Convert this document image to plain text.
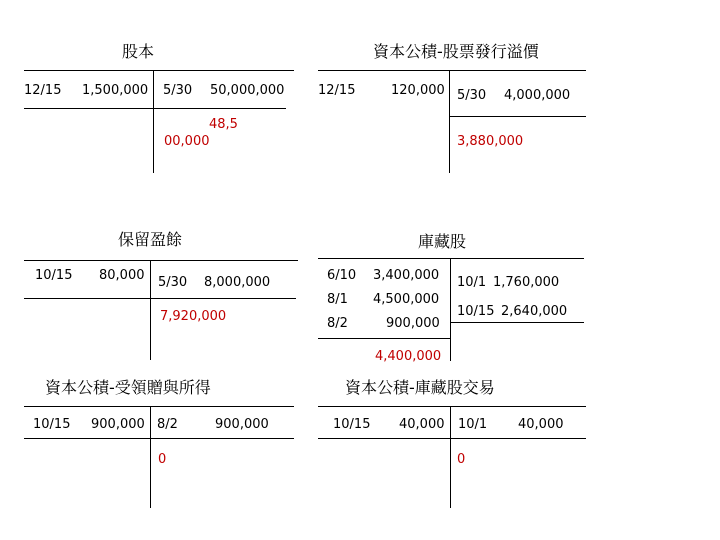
股本
12/15 1,500,000 5/30 50,000,000
48,5
00,000
資本公積-股票發行溢價
12/15	120,000 5/30 4,000,000
3,880,000
保留盈餘
10/15 80,000 5/30 8,000,000
7,920,000
庫藏股
6/10 3,400,000
8/1 4,500,000
8/2	900,000
10/1 1,760,000
10/15 2,640,000
4,400,000
資本公積-受領贈與所得
10/15 900,000 8/2	900,000
0
資本公積-庫藏股交易
10/15 40,000 10/1 40,000
0
